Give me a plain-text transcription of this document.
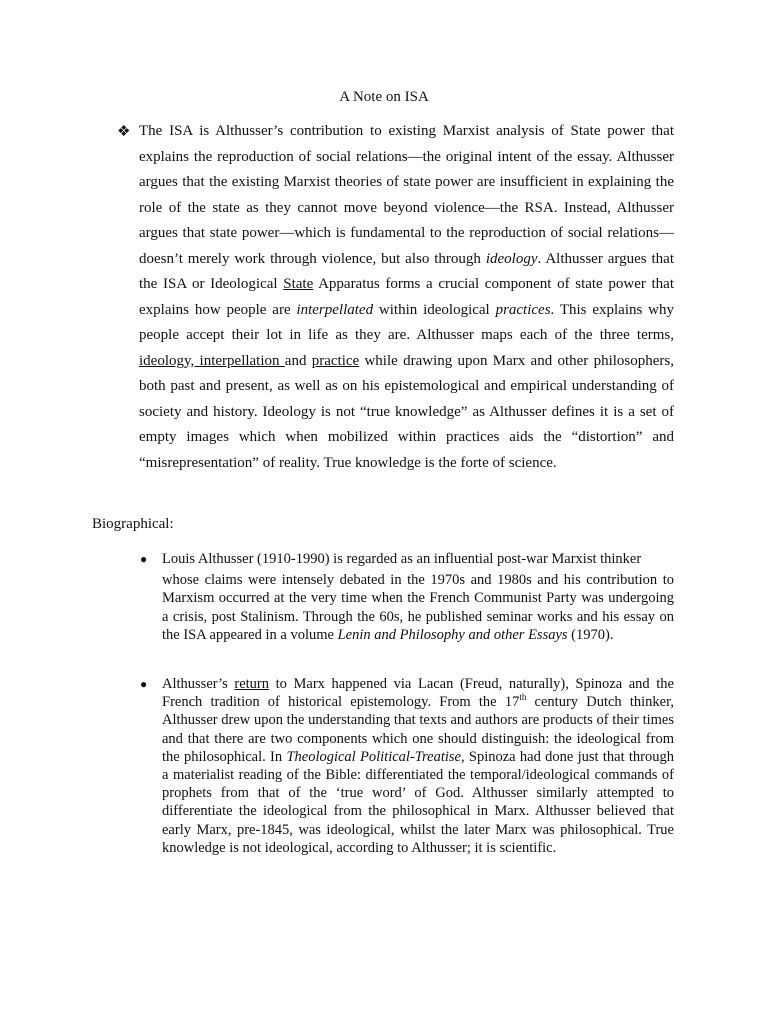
A Note on ISA
❖ The ISA is Althusser’s contribution to existing Marxist analysis of State power that explains the reproduction of social relations—the original intent of the essay. Althusser argues that the existing Marxist theories of state power are insufficient in explaining the role of the state as they cannot move beyond violence—the RSA. Instead, Althusser argues that state power—which is fundamental to the reproduction of social relations—doesn’t merely work through violence, but also through ideology. Althusser argues that the ISA or Ideological State Apparatus forms a crucial component of state power that explains how people are interpellated within ideological practices. This explains why people accept their lot in life as they are. Althusser maps each of the three terms, ideology, interpellation and practice while drawing upon Marx and other philosophers, both past and present, as well as on his epistemological and empirical understanding of society and history. Ideology is not “true knowledge” as Althusser defines it is a set of empty images which when mobilized within practices aids the “distortion” and “misrepresentation” of reality. True knowledge is the forte of science.

Biographical:
● Louis Althusser (1910-1990) is regarded as an influential post-war Marxist thinker
whose claims were intensely debated in the 1970s and 1980s and his contribution to Marxism occurred at the very time when the French Communist Party was undergoing a crisis, post Stalinism. Through the 60s, he published seminar works and his essay on the ISA appeared in a volume Lenin and Philosophy and other Essays (1970).

● Althusser’s return to Marx happened via Lacan (Freud, naturally), Spinoza and the French tradition of historical epistemology. From the 17th century Dutch thinker, Althusser drew upon the understanding that texts and authors are products of their times and that there are two components which one should distinguish: the ideological from the philosophical. In Theological Political-Treatise, Spinoza had done just that through a materialist reading of the Bible: differentiated the temporal/ideological commands of prophets from that of the ‘true word’ of God. Althusser similarly attempted to differentiate the ideological from the philosophical in Marx. Althusser believed that early Marx, pre-1845, was ideological, whilst the later Marx was philosophical. True knowledge is not ideological, according to Althusser; it is scientific.
